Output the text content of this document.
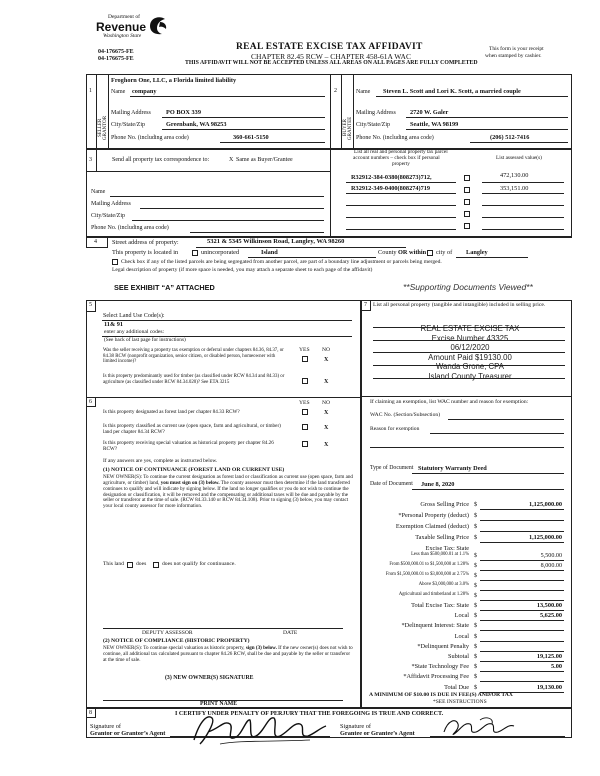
Department of
Revenue
Washington State
04-176675-FE
04-176675-FE
REAL ESTATE EXCISE TAX AFFIDAVIT
CHAPTER 82.45 RCW – CHAPTER 458-61A WAC
THIS AFFIDAVIT WILL NOT BE ACCEPTED UNLESS ALL AREAS ON ALL PAGES ARE FULLY COMPLETED
This form is your receipt
when stamped by cashier.
1	2
SELLER GRANTOR	BUYER GRANTEE
Name
Froghorn One, LLC, a Florida limited liability
company
Mailing Address PO BOX 339
City/State/Zip	Greenbank, WA 98253
Phone No. (including area code)	360-661-5150
Name Steven L. Scott and Lori K. Scott, a married couple
Mailing Address 2720 W. Galer
City/State/Zip	Seattle, WA 98199
Phone No. (including area code)	(206) 512-7416
3	Send all property tax correspondence to:	X Same as Buyer/Grantee
Name
Mailing Address
City/State/Zip
Phone No. (including area code)
List all real and personal property tax parcel
account numbers – check box if personal
property
List assessed value(s)
R32912-384-0380(808273)712,	472,130.00
R32912-349-0400(808274)719	353,151.00
4 Street address of property:	5321 & 5345 Wilkinson Road, Langley, WA 98260
This property is located in	unincorporated	Island	County OR within city of Langley
Check box if any of the listed parcels are being segregated from another parcel, are part of a boundary line adjustment or parcels being merged.
Legal description of property (if more space is needed, you may attach a separate sheet to each page of the affidavit)
SEE EXHIBIT “A” ATTACHED	**Supporting Documents Viewed**
5
Select Land Use Code(s):
11& 91
enter any additional codes:
(See back of last page for instructions)
YES NO
Was the seller receiving a property tax exemption or deferral under chapters 84.36, 84.37, or 84.38 RCW (nonprofit organization, senior citizen, or disabled person, homeowner with limited income)?	X
Is this property predominantly used for timber (as classified under RCW 84.34 and 84.33) or agriculture (as classified under RCW 84.34.020)? See ETA 3215	X
6	YES NO
Is this property designated as forest land per chapter 84.33 RCW?	X
Is this property classified as current use (open space, farm and agricultural, or timber) land per chapter 84.34 RCW?
X
Is this property receiving special valuation as historical property per chapter 84.26 RCW?
X
If any answers are yes, complete as instructed below.
(1) NOTICE OF CONTINUANCE (FOREST LAND OR CURRENT USE)
NEW OWNER(S): To continue the current designation as forest land or classification as current use (open space, farm and agriculture, or timber) land, you must sign on (3) below. The county assessor must then determine if the land transferred continues to qualify and will indicate by signing below. If the land no longer qualifies or you do not wish to continue the designation or classification, it will be removed and the compensating or additional taxes will be due and payable by the seller or transferor at the time of sale. (RCW 84.33.140 or RCW 84.34.108). Prior to signing (3) below, you may contact your local county assessor for more information.
This land does	does not qualify for continuance.
DEPUTY ASSESSOR	DATE
(2) NOTICE OF COMPLIANCE (HISTORIC PROPERTY)
NEW OWNER(S): To continue special valuation as historic property, sign (3) below. If the new owner(s) does not wish to continue, all additional tax calculated pursuant to chapter 84.26 RCW, shall be due and payable by the seller or transferor at the time of sale.
(3) NEW OWNER(S) SIGNATURE
PRINT NAME
7 List all personal property (tangible and intangible) included in selling price.
REAL ESTATE EXCISE TAX
Excise Number 43325
06/12/2020
Amount Paid $19130.00
Wanda Grone, CPA
Island County Treasurer
If claiming an exemption, list WAC number and reason for exemption:
WAC No. (Section/Subsection)
Reason for exemption
Type of Document Statutory Warranty Deed
Date of Document June 8, 2020
Gross Selling Price $	1,125,000.00
*Personal Property (deduct) $
Exemption Claimed (deduct) $
Taxable Selling Price $	1,125,000.00
Excise Tax: State
Less than $500,000.01 at 1.1% $	5,500.00
From $500,000.01 to $1,500,000 at 1.28% $	8,000.00
From $1,500,000.01 to $3,000,000 at 2.75% $
Above $3,000,000 at 3.0% $
Agricultural and timberland at 1.28% $
Total Excise Tax: State $	13,500.00
Local $	5,625.00
*Delinquent Interest: State $
Local $
*Delinquent Penalty $
Subtotal $	19,125.00
*State Technology Fee $	5.00
*Affidavit Processing Fee $
Total Due $	19,130.00
A MINIMUM OF $10.00 IS DUE IN FEE(S) AND/OR TAX
*SEE INSTRUCTIONS
8	I CERTIFY UNDER PENALTY OF PERJURY THAT THE FOREGOING IS TRUE AND CORRECT.
Signature of
Grantor or Grantor’s Agent
Signature of
Grantee or Grantee’s Agent
